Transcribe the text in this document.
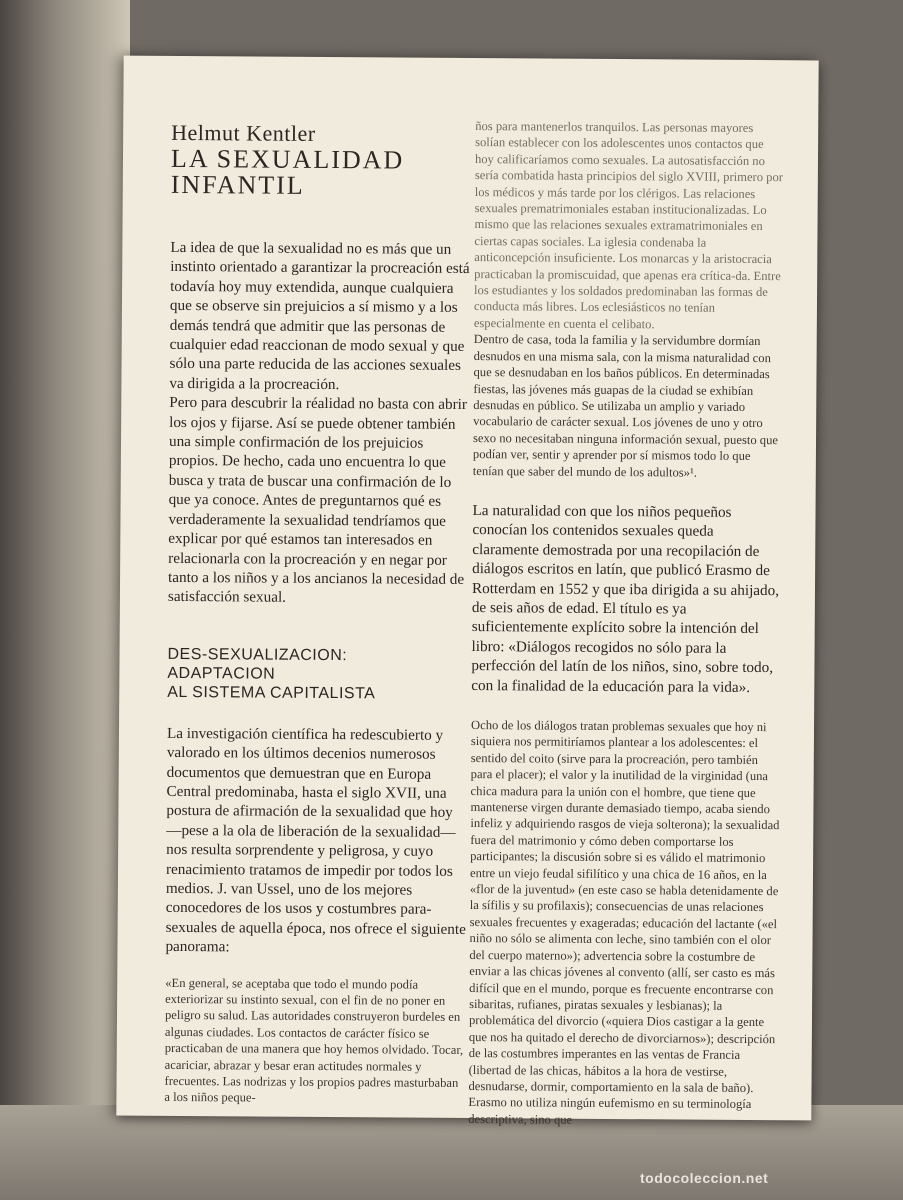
Helmut Kentler
LA SEXUALIDAD INFANTIL

La idea de que la sexualidad no es más que un instinto orientado a garantizar la procreación está todavía hoy muy extendida, aunque cualquiera que se observe sin prejuicios a sí mismo y a los demás tendrá que admitir que las personas de cualquier edad reaccionan de modo sexual y que sólo una parte reducida de las acciones sexuales va dirigida a la procreación.

Pero para descubrir la réalidad no basta con abrir los ojos y fijarse. Así se puede obtener también una simple confirmación de los prejuicios propios. De hecho, cada uno encuentra lo que busca y trata de buscar una confirmación de lo que ya conoce. Antes de preguntarnos qué es verdaderamente la sexualidad tendríamos que explicar por qué estamos tan interesados en relacionarla con la procreación y en negar por tanto a los niños y a los ancianos la necesidad de satisfacción sexual.

DES-SEXUALIZACION:
ADAPTACION
AL SISTEMA CAPITALISTA

La investigación científica ha redescubierto y valorado en los últimos decenios numerosos documentos que demuestran que en Europa Central predominaba, hasta el siglo XVII, una postura de afirmación de la sexualidad que hoy —pese a la ola de liberación de la sexualidad— nos resulta sorprendente y peligrosa, y cuyo renacimiento tratamos de impedir por todos los medios. J. van Ussel, uno de los mejores conocedores de los usos y costumbres para-sexuales de aquella época, nos ofrece el siguiente panorama:

«En general, se aceptaba que todo el mundo podía exteriorizar su instinto sexual, con el fin de no poner en peligro su salud. Las autoridades construyeron burdeles en algunas ciudades. Los contactos de carácter físico se practicaban de una manera que hoy hemos olvidado. Tocar, acariciar, abrazar y besar eran actitudes normales y frecuentes. Las nodrizas y los propios padres masturbaban a los niños peque-

ños para mantenerlos tranquilos. Las personas mayores solían establecer con los adolescentes unos contactos que hoy calificaríamos como sexuales. La autosatisfacción no sería combatida hasta principios del siglo XVIII, primero por los médicos y más tarde por los clérigos. Las relaciones sexuales prematrimoniales estaban institucionalizadas. Lo mismo que las relaciones sexuales extramatrimoniales en ciertas capas sociales. La iglesia condenaba la anticoncepción insuficiente. Los monarcas y la aristocracia practicaban la promiscuidad, que apenas era crítica-da. Entre los estudiantes y los soldados predominaban las formas de conducta más libres. Los eclesiásticos no tenían especialmente en cuenta el celibato.

Dentro de casa, toda la familia y la servidumbre dormían desnudos en una misma sala, con la misma naturalidad con que se desnudaban en los baños públicos. En determinadas fiestas, las jóvenes más guapas de la ciudad se exhibían desnudas en público. Se utilizaba un amplio y variado vocabulario de carácter sexual. Los jóvenes de uno y otro sexo no necesitaban ninguna información sexual, puesto que podían ver, sentir y aprender por sí mismos todo lo que tenían que saber del mundo de los adultos»¹.

La naturalidad con que los niños pequeños conocían los contenidos sexuales queda claramente demostrada por una recopilación de diálogos escritos en latín, que publicó Erasmo de Rotterdam en 1552 y que iba dirigida a su ahijado, de seis años de edad. El título es ya suficientemente explícito sobre la intención del libro: «Diálogos recogidos no sólo para la perfección del latín de los niños, sino, sobre todo, con la finalidad de la educación para la vida».

Ocho de los diálogos tratan problemas sexuales que hoy ni siquiera nos permitiríamos plantear a los adolescentes: el sentido del coito (sirve para la procreación, pero también para el placer); el valor y la inutilidad de la virginidad (una chica madura para la unión con el hombre, que tiene que mantenerse virgen durante demasiado tiempo, acaba siendo infeliz y adquiriendo rasgos de vieja solterona); la sexualidad fuera del matrimonio y cómo deben comportarse los participantes; la discusión sobre si es válido el matrimonio entre un viejo feudal sifilítico y una chica de 16 años, en la «flor de la juventud» (en este caso se habla detenidamente de la sífilis y su profilaxis); consecuencias de unas relaciones sexuales frecuentes y exageradas; educación del lactante («el niño no sólo se alimenta con leche, sino también con el olor del cuerpo materno»); advertencia sobre la costumbre de enviar a las chicas jóvenes al convento (allí, ser casto es más difícil que en el mundo, porque es frecuente encontrarse con sibaritas, rufianes, piratas sexuales y lesbianas); la problemática del divorcio («quiera Dios castigar a la gente que nos ha quitado el derecho de divorciarnos»); descripción de las costumbres imperantes en las ventas de Francia (libertad de las chicas, hábitos a la hora de vestirse, desnudarse, dormir, comportamiento en la sala de baño). Erasmo no utiliza ningún eufemismo en su terminología descriptiva, sino que

todocoleccion.net
